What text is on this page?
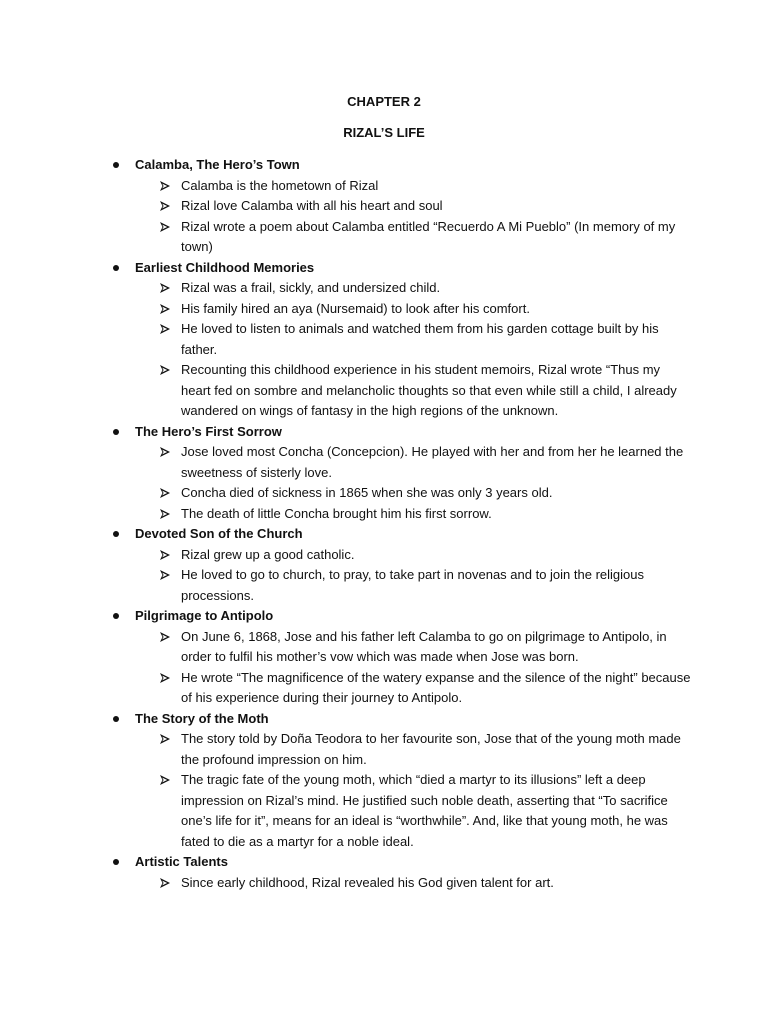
CHAPTER 2
RIZAL’S LIFE
Calamba, The Hero’s Town
Calamba is the hometown of Rizal
Rizal love Calamba with all his heart and soul
Rizal wrote a poem about Calamba entitled “Recuerdo A Mi Pueblo” (In memory of my town)
Earliest Childhood Memories
Rizal was a frail, sickly, and undersized child.
His family hired an aya (Nursemaid) to look after his comfort.
He loved to listen to animals and watched them from his garden cottage built by his father.
Recounting this childhood experience in his student memoirs, Rizal wrote “Thus my heart fed on sombre and melancholic thoughts so that even while still a child, I already wandered on wings of fantasy in the high regions of the unknown.
The Hero’s First Sorrow
Jose loved most Concha (Concepcion). He played with her and from her he learned the sweetness of sisterly love.
Concha died of sickness in 1865 when she was only 3 years old.
The death of little Concha brought him his first sorrow.
Devoted Son of the Church
Rizal grew up a good catholic.
He loved to go to church, to pray, to take part in novenas and to join the religious processions.
Pilgrimage to Antipolo
On June 6, 1868, Jose and his father left Calamba to go on pilgrimage to Antipolo, in order to fulfil his mother’s vow which was made when Jose was born.
He wrote “The magnificence of the watery expanse and the silence of the night” because of his experience during their journey to Antipolo.
The Story of the Moth
The story told by Doña Teodora to her favourite son, Jose that of the young moth made the profound impression on him.
The tragic fate of the young moth, which “died a martyr to its illusions” left a deep impression on Rizal’s mind. He justified such noble death, asserting that “To sacrifice one’s life for it”, means for an ideal is “worthwhile”. And, like that young moth, he was fated to die as a martyr for a noble ideal.
Artistic Talents
Since early childhood, Rizal revealed his God given talent for art.
